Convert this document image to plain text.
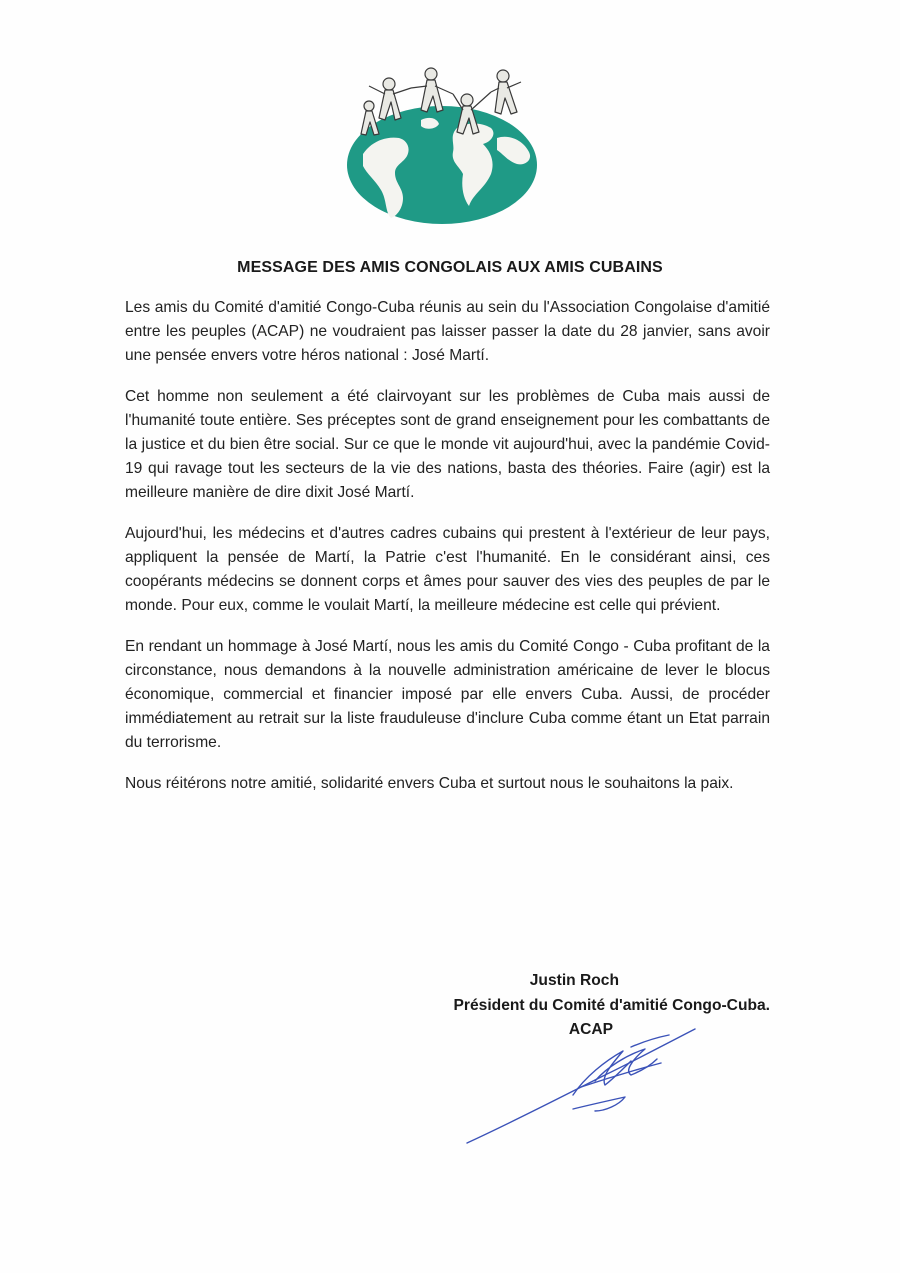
MESSAGE DES AMIS CONGOLAIS AUX AMIS CUBAINS

Les amis du Comité d'amitié Congo-Cuba réunis au sein du l'Association Congolaise d'amitié entre les peuples (ACAP) ne voudraient pas laisser passer la date du 28 janvier, sans avoir une pensée envers votre héros national : José Martí.

Cet homme non seulement a été clairvoyant sur les problèmes de Cuba mais aussi de l'humanité toute entière. Ses préceptes sont de grand enseignement pour les combattants de la justice et du bien être social. Sur ce que le monde vit aujourd'hui, avec la pandémie Covid-19 qui ravage tout les secteurs de la vie des nations, basta des théories. Faire (agir) est la meilleure manière de dire dixit José Martí.

Aujourd'hui, les médecins et d'autres cadres cubains qui prestent à l'extérieur de leur pays, appliquent la pensée de Martí, la Patrie c'est l'humanité. En le considérant ainsi, ces coopérants médecins se donnent corps et âmes pour sauver des vies des peuples de par le monde. Pour eux, comme le voulait Martí, la meilleure médecine est celle qui prévient.

En rendant un hommage à José Martí, nous les amis du Comité Congo - Cuba profitant de la circonstance, nous demandons à la nouvelle administration américaine de lever le blocus économique, commercial et financier imposé par elle envers Cuba. Aussi, de procéder immédiatement au retrait sur la liste frauduleuse d'inclure Cuba comme étant un Etat parrain du terrorisme.

Nous réitérons notre amitié, solidarité envers Cuba et surtout nous le souhaitons la paix.

Justin Roch
Président du Comité d'amitié Congo-Cuba.
ACAP
